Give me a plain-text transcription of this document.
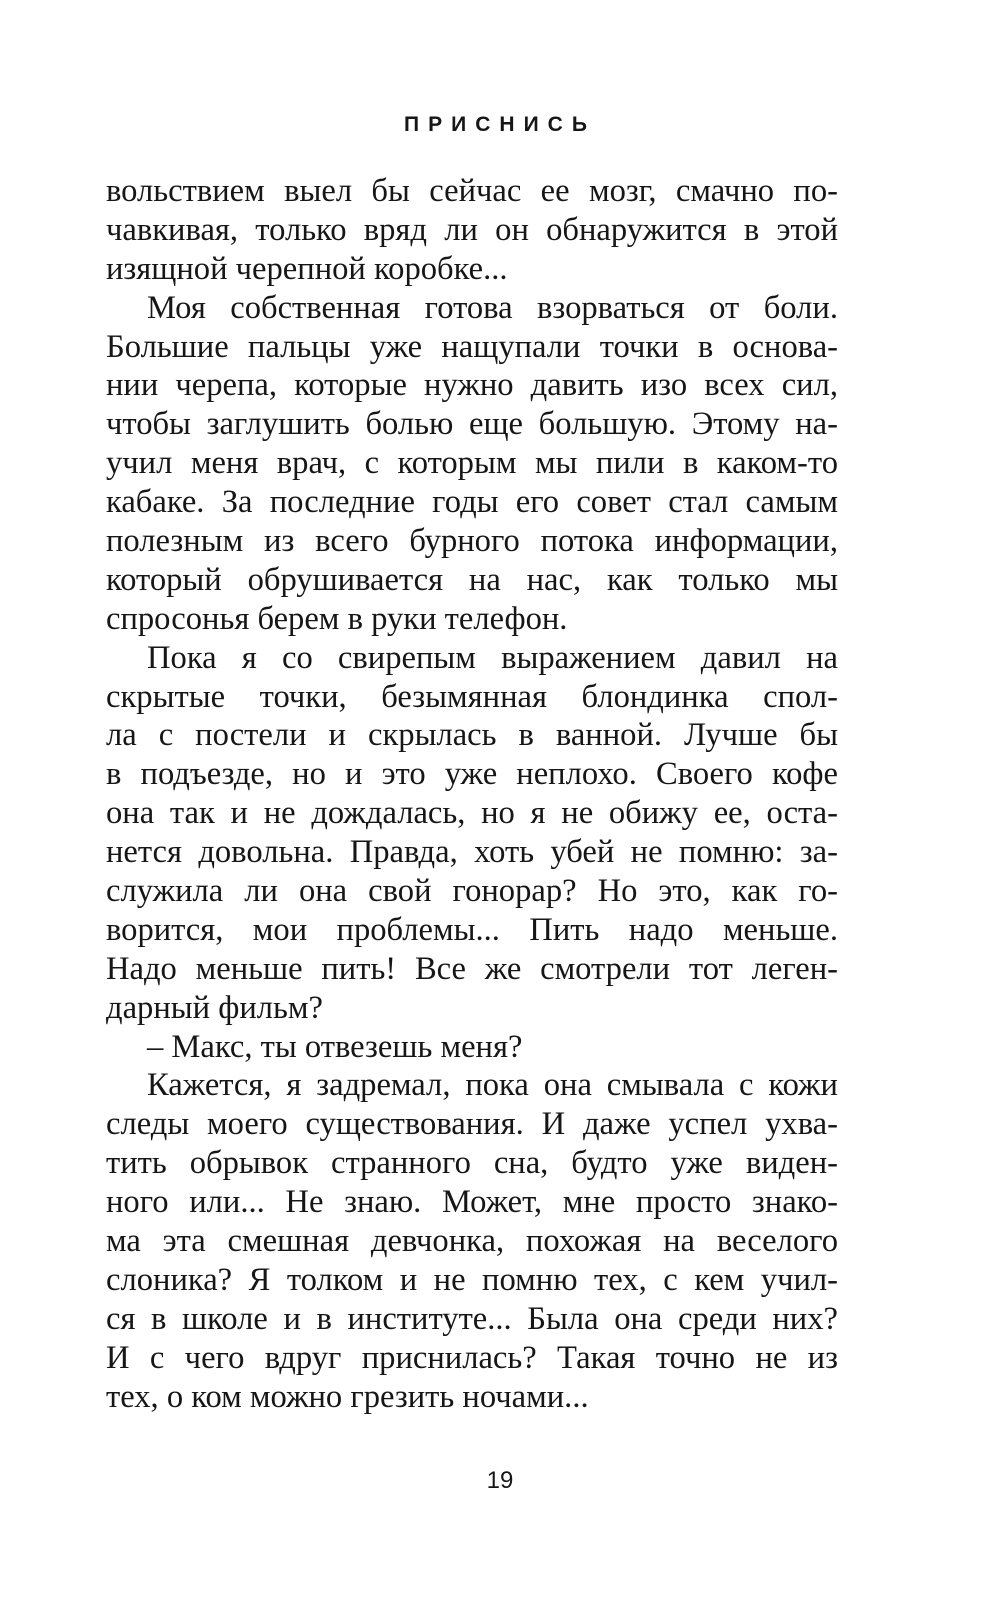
ПРИСНИСЬ
вольствием выел бы сейчас ее мозг, смачно по-
чавкивая, только вряд ли он обнаружится в этой
изящной черепной коробке...
Моя собственная готова взорваться от боли.
Большие пальцы уже нащупали точки в основа-
нии черепа, которые нужно давить изо всех сил,
чтобы заглушить болью еще большую. Этому на-
учил меня врач, с которым мы пили в каком-то
кабаке. За последние годы его совет стал самым
полезным из всего бурного потока информации,
который обрушивается на нас, как только мы
спросонья берем в руки телефон.
Пока я со свирепым выражением давил на
скрытые точки, безымянная блондинка спол-
ла с постели и скрылась в ванной. Лучше бы
в подъезде, но и это уже неплохо. Своего кофе
она так и не дождалась, но я не обижу ее, оста-
нется довольна. Правда, хоть убей не помню: за-
служила ли она свой гонорар? Но это, как го-
ворится, мои проблемы... Пить надо меньше.
Надо меньше пить! Все же смотрели тот леген-
дарный фильм?
– Макс, ты отвезешь меня?
Кажется, я задремал, пока она смывала с кожи
следы моего существования. И даже успел ухва-
тить обрывок странного сна, будто уже виден-
ного или... Не знаю. Может, мне просто знако-
ма эта смешная девчонка, похожая на веселого
слоника? Я толком и не помню тех, с кем учил-
ся в школе и в институте... Была она среди них?
И с чего вдруг приснилась? Такая точно не из
тех, о ком можно грезить ночами...
19
